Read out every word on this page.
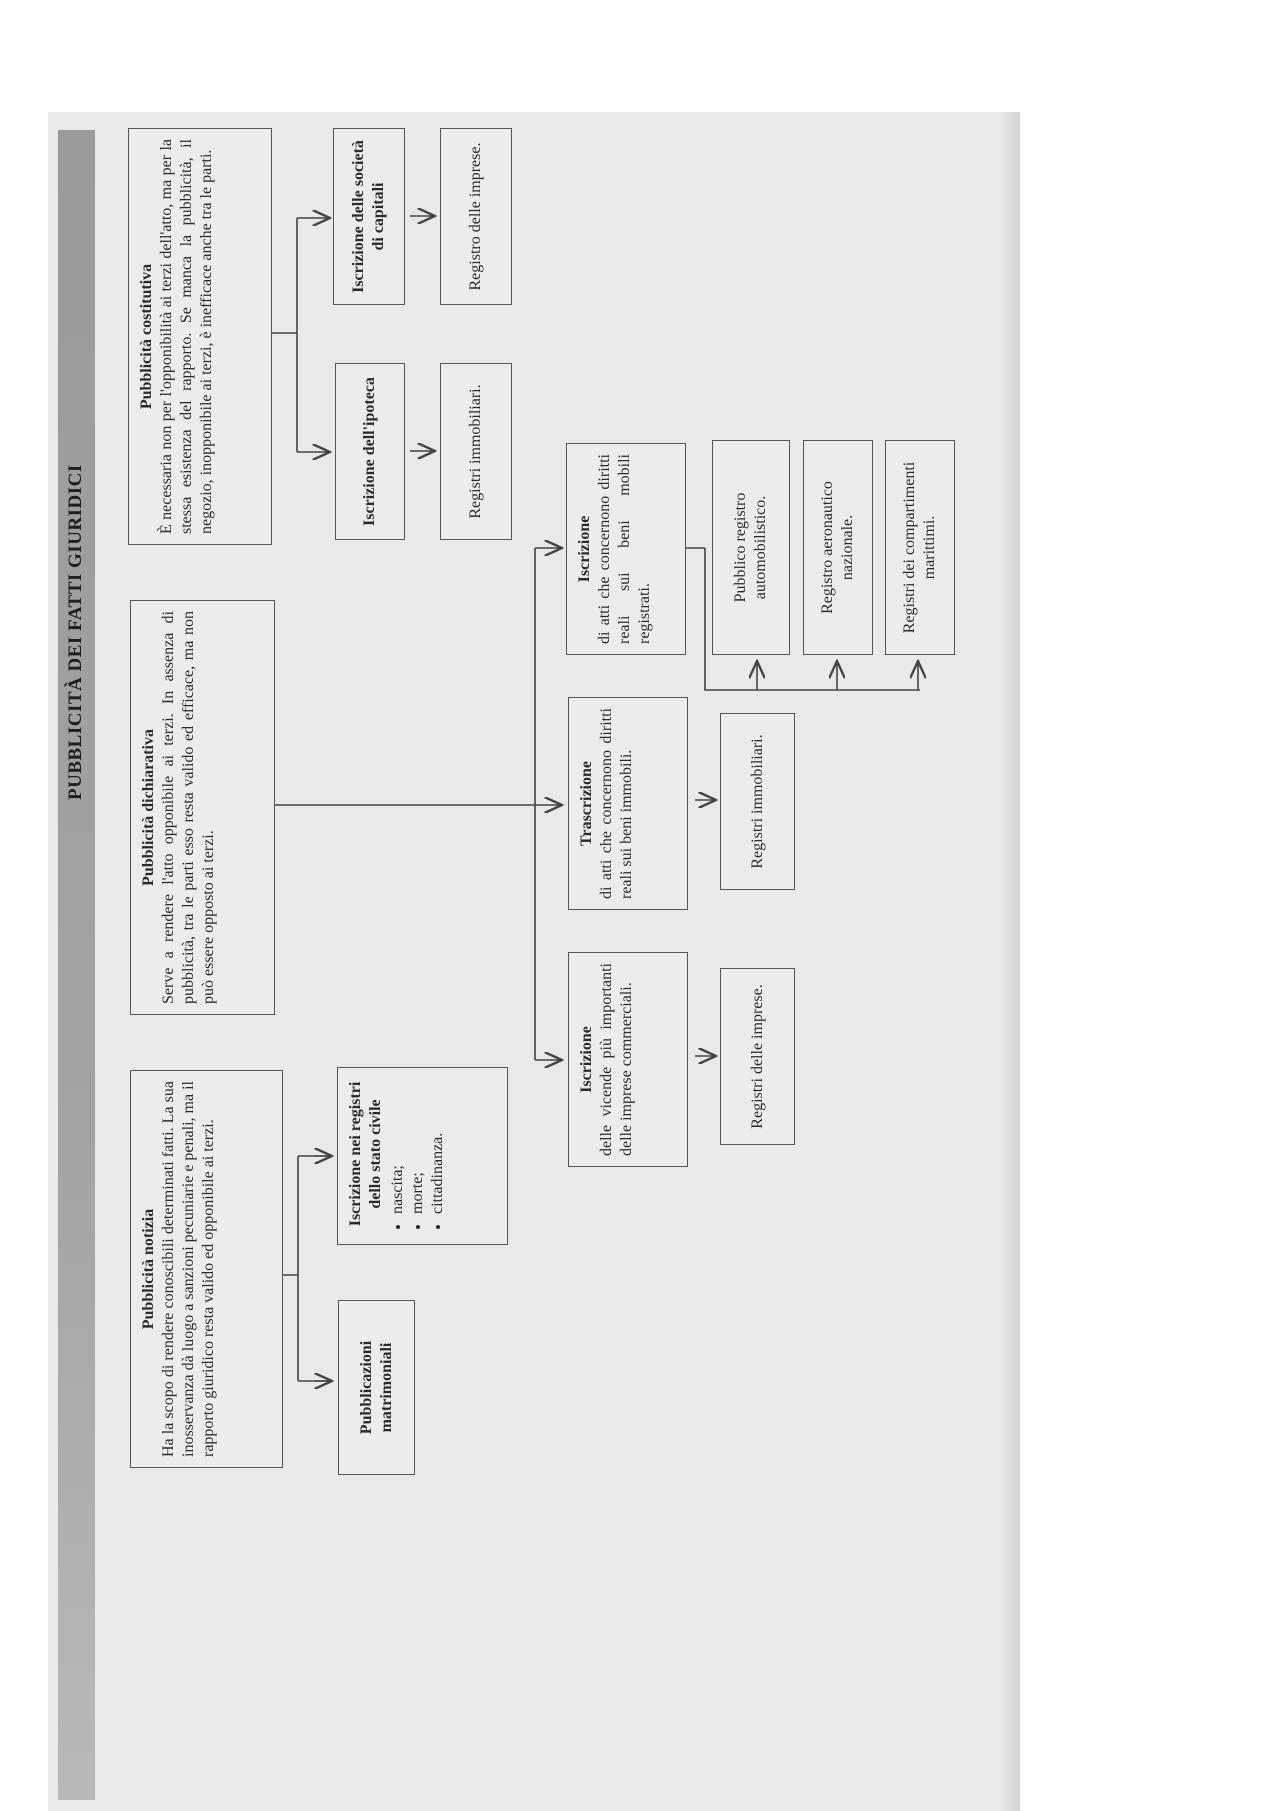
PUBBLICITÀ DEI FATTI GIURIDICI
Pubblicità notizia Ha la scopo di rendere conoscibili determinati fatti. La sua inosservanza dà luogo a sanzioni pecuniarie e penali, ma il rapporto giuridico resta valido ed opponibile ai terzi.
Pubblicità dichiarativa Serve a rendere l'atto opponibile ai terzi. In assenza di pubblicità, tra le parti esso resta valido ed efficace, ma non può essere opposto ai terzi.
Pubblicità costitutiva È necessaria non per l'opponibilità ai terzi dell'atto, ma per la stessa esistenza del rapporto. Se manca la pubblicità, il negozio, inopponibile ai terzi, è inefficace anche tra le parti.
Pubblicazioni matrimoniali
Iscrizione nei registri dello stato civile • nascita; • morte; • cittadinanza.
Iscrizione delle vicende più importanti delle imprese commerciali.
Trascrizione di atti che concernono diritti reali sui beni immobili.
Iscrizione di atti che concernono diritti reali sui beni mobili registrati.
Registri delle imprese.
Registri immobiliari.
Pubblico registro automobilistico.	Registro aeronautico nazionale.	Registri dei compartimenti marittimi.
Iscrizione dell'ipoteca
Iscrizione delle società di capitali
Registri immobiliari.
Registro delle imprese.
